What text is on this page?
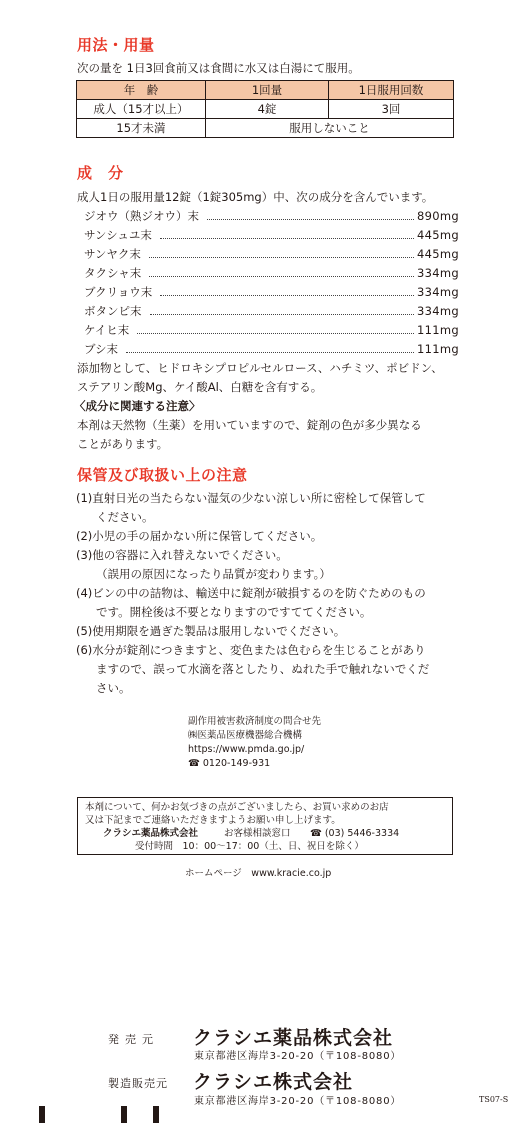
用法・用量
次の量を 1日3回食前又は食間に水又は白湯にて服用。
年　齢	1回量	1日服用回数
成人（15才以上）	4錠	3回
15才未満	服用しないこと	
成　分
成人1日の服用量12錠（1錠305mg）中、次の成分を含んでいます。
ジオウ（熟ジオウ）末	890mg
サンシュユ末	445mg
サンヤク末	445mg
タクシャ末	334mg
ブクリョウ末	334mg
ボタンピ末	334mg
ケイヒ末	111mg
ブシ末	111mg
添加物として、ヒドロキシプロピルセルロース、ハチミツ、ポビドン、
ステアリン酸Mg、ケイ酸Al、白糖を含有する。
〈成分に関連する注意〉
本剤は天然物（生薬）を用いていますので、錠剤の色が多少異なる
ことがあります。
保管及び取扱い上の注意
(1)直射日光の当たらない湿気の少ない涼しい所に密栓して保管して
ください。
(2)小児の手の届かない所に保管してください。
(3)他の容器に入れ替えないでください。
（誤用の原因になったり品質が変わります。）
(4)ビンの中の詰物は、輸送中に錠剤が破損するのを防ぐためのもの
です。開栓後は不要となりますのですててください。
(5)使用期限を過ぎた製品は服用しないでください。
(6)水分が錠剤につきますと、変色または色むらを生じることがあり
ますので、誤って水滴を落としたり、ぬれた手で触れないでくだ
さい。
副作用被害救済制度の問合せ先
㈱医薬品医療機器総合機構
https://www.pmda.go.jp/
☎ 0120-149-931
本剤について、何かお気づきの点がございましたら、お買い求めのお店
又は下記までご連絡いただきますようお願い申し上げます。
クラシエ薬品株式会社	お客様相談窓口 ☎ (03) 5446-3334
受付時間　10：00～17：00（土、日、祝日を除く）
ホームページ　www.kracie.co.jp
発売元 クラシエ薬品株式会社
東京都港区海岸3-20-20（〒108-8080）
製造販売元 クラシエ株式会社
東京都港区海岸3-20-20（〒108-8080）	TS07-S
